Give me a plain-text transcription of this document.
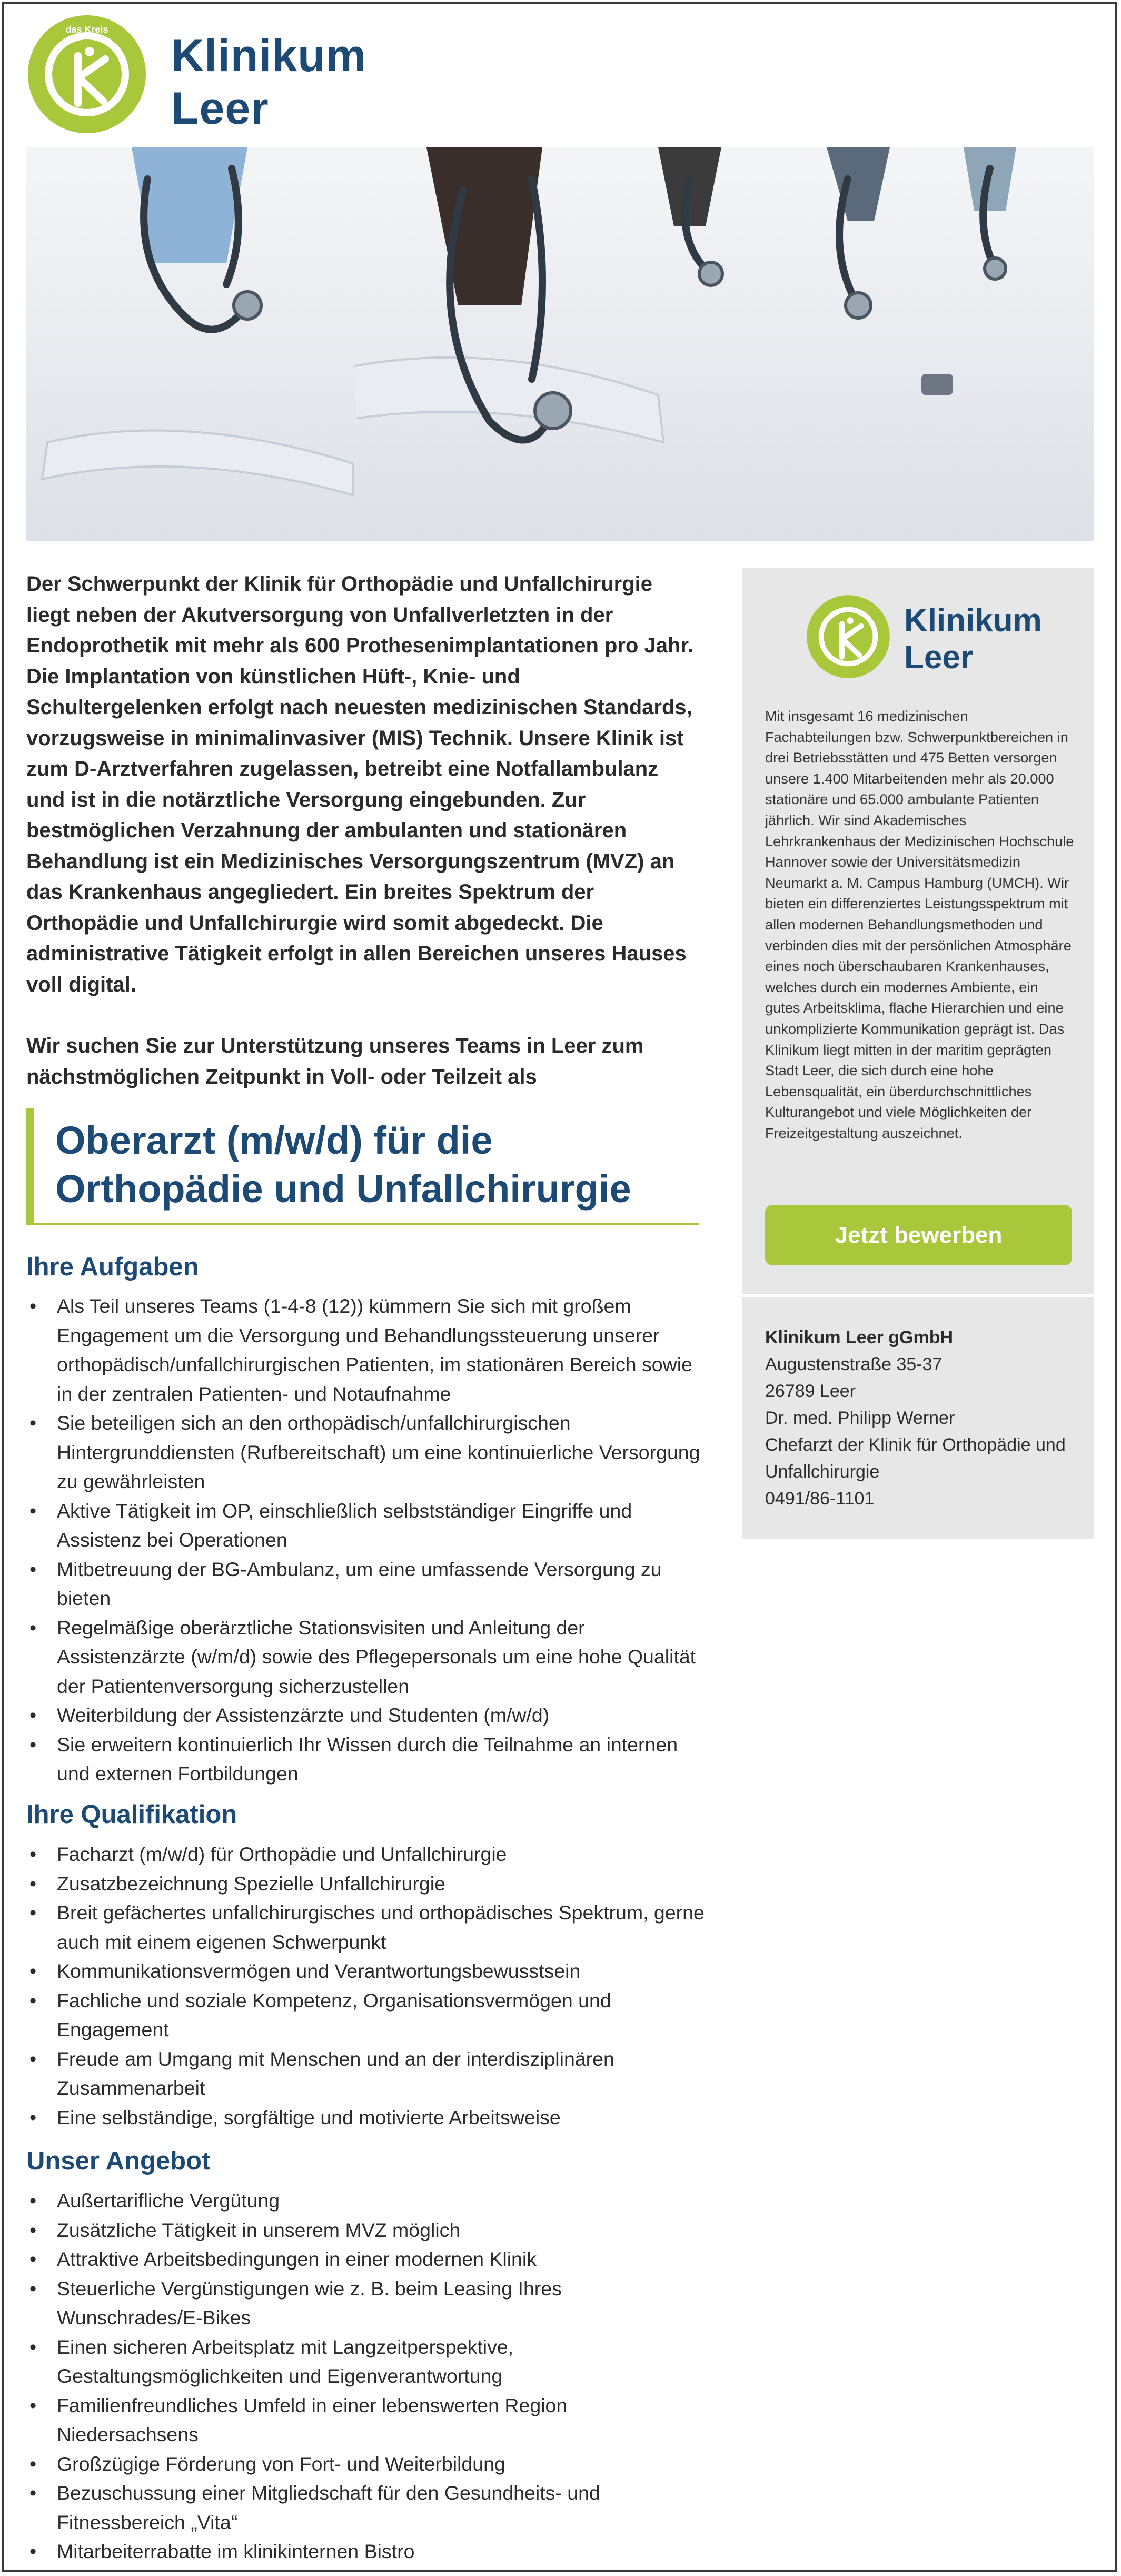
das Kreis
Klinikum
Leer

Der Schwerpunkt der Klinik für Orthopädie und Unfallchirurgie liegt neben der Akutversorgung von Unfallverletzten in der Endoprothetik mit mehr als 600 Prothesenimplantationen pro Jahr. Die Implantation von künstlichen Hüft-, Knie- und Schultergelenken erfolgt nach neuesten medizinischen Standards, vorzugsweise in minimalinvasiver (MIS) Technik. Unsere Klinik ist zum D-Arztverfahren zugelassen, betreibt eine Notfallambulanz und ist in die notärztliche Versorgung eingebunden. Zur bestmöglichen Verzahnung der ambulanten und stationären Behandlung ist ein Medizinisches Versorgungszentrum (MVZ) an das Krankenhaus angegliedert. Ein breites Spektrum der Orthopädie und Unfallchirurgie wird somit abgedeckt. Die administrative Tätigkeit erfolgt in allen Bereichen unseres Hauses voll digital.

Wir suchen Sie zur Unterstützung unseres Teams in Leer zum nächstmöglichen Zeitpunkt in Voll- oder Teilzeit als

Oberarzt (m/w/d) für die
Orthopädie und Unfallchirurgie
Ihre Aufgaben
• Als Teil unseres Teams (1-4-8 (12)) kümmern Sie sich mit großem Engagement um die Versorgung und Behandlungssteuerung unserer orthopädisch/unfallchirurgischen Patienten, im stationären Bereich sowie in der zentralen Patienten- und Notaufnahme
• Sie beteiligen sich an den orthopädisch/unfallchirurgischen Hintergrunddiensten (Rufbereitschaft) um eine kontinuierliche Versorgung zu gewährleisten
• Aktive Tätigkeit im OP, einschließlich selbstständiger Eingriffe und Assistenz bei Operationen
• Mitbetreuung der BG-Ambulanz, um eine umfassende Versorgung zu bieten
• Regelmäßige oberärztliche Stationsvisiten und Anleitung der Assistenzärzte (w/m/d) sowie des Pflegepersonals um eine hohe Qualität der Patientenversorgung sicherzustellen
• Weiterbildung der Assistenzärzte und Studenten (m/w/d)
• Sie erweitern kontinuierlich Ihr Wissen durch die Teilnahme an internen und externen Fortbildungen
Ihre Qualifikation
• Facharzt (m/w/d) für Orthopädie und Unfallchirurgie
• Zusatzbezeichnung Spezielle Unfallchirurgie
• Breit gefächertes unfallchirurgisches und orthopädisches Spektrum, gerne auch mit einem eigenen Schwerpunkt
• Kommunikationsvermögen und Verantwortungsbewusstsein
• Fachliche und soziale Kompetenz, Organisationsvermögen und Engagement
• Freude am Umgang mit Menschen und an der interdisziplinären Zusammenarbeit
• Eine selbständige, sorgfältige und motivierte Arbeitsweise
Unser Angebot
• Außertarifliche Vergütung
• Zusätzliche Tätigkeit in unserem MVZ möglich
• Attraktive Arbeitsbedingungen in einer modernen Klinik
• Steuerliche Vergünstigungen wie z. B. beim Leasing Ihres Wunschrades/E-Bikes
• Einen sicheren Arbeitsplatz mit Langzeitperspektive, Gestaltungsmöglichkeiten und Eigenverantwortung
• Familienfreundliches Umfeld in einer lebenswerten Region Niedersachsens
• Großzügige Förderung von Fort- und Weiterbildung
• Bezuschussung einer Mitgliedschaft für den Gesundheits- und Fitnessbereich „Vita“
• Mitarbeiterrabatte im klinikinternen Bistro
Klinikum
Leer
Mit insgesamt 16 medizinischen Fachabteilungen bzw. Schwerpunktbereichen in drei Betriebsstätten und 475 Betten versorgen unsere 1.400 Mitarbeitenden mehr als 20.000 stationäre und 65.000 ambulante Patienten jährlich. Wir sind Akademisches Lehrkrankenhaus der Medizinischen Hochschule Hannover sowie der Universitätsmedizin Neumarkt a. M. Campus Hamburg (UMCH). Wir bieten ein differenziertes Leistungsspektrum mit allen modernen Behandlungsmethoden und verbinden dies mit der persönlichen Atmosphäre eines noch überschaubaren Krankenhauses, welches durch ein modernes Ambiente, ein gutes Arbeitsklima, flache Hierarchien und eine unkomplizierte Kommunikation geprägt ist. Das Klinikum liegt mitten in der maritim geprägten Stadt Leer, die sich durch eine hohe Lebensqualität, ein überdurchschnittliches Kulturangebot und viele Möglichkeiten der Freizeitgestaltung auszeichnet.
Jetzt bewerben
Klinikum Leer gGmbH
Augustenstraße 35-37
26789 Leer
Dr. med. Philipp Werner
Chefarzt der Klinik für Orthopädie und Unfallchirurgie
0491/86-1101
